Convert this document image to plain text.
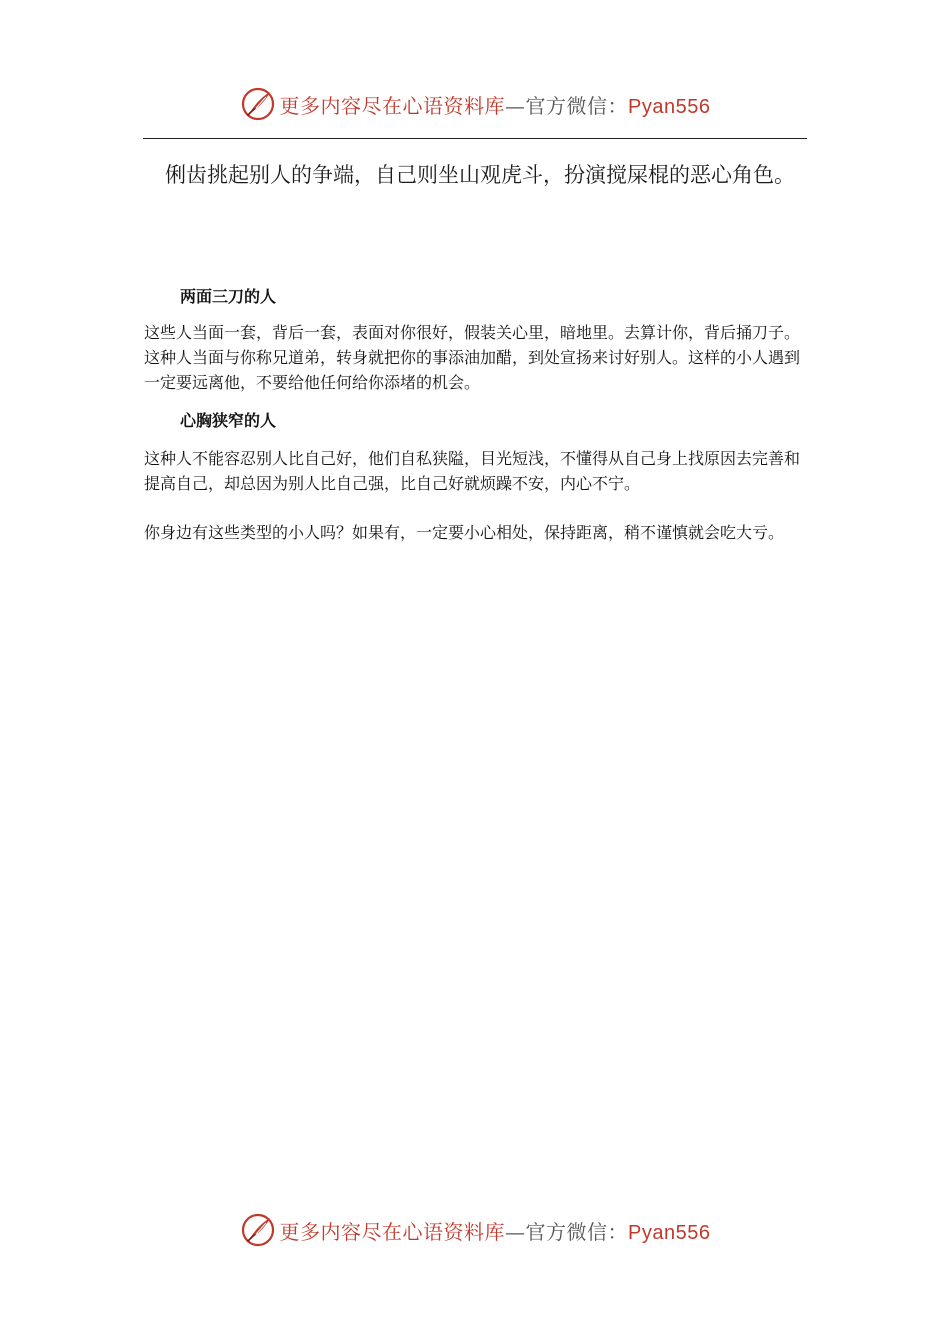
更多内容尽在心语资料库—官方微信：Pyan556

俐齿挑起别人的争端，自己则坐山观虎斗，扮演搅屎棍的恶心角色。

两面三刀的人

这些人当面一套，背后一套，表面对你很好，假装关心里，暗地里。去算计你，背后捅刀子。这种人当面与你称兄道弟，转身就把你的事添油加醋，到处宣扬来讨好别人。这样的小人遇到一定要远离他，不要给他任何给你添堵的机会。

心胸狭窄的人

这种人不能容忍别人比自己好，他们自私狭隘，目光短浅，不懂得从自己身上找原因去完善和提高自己，却总因为别人比自己强，比自己好就烦躁不安，内心不宁。

你身边有这些类型的小人吗？如果有，一定要小心相处，保持距离，稍不谨慎就会吃大亏。

更多内容尽在心语资料库—官方微信：Pyan556
